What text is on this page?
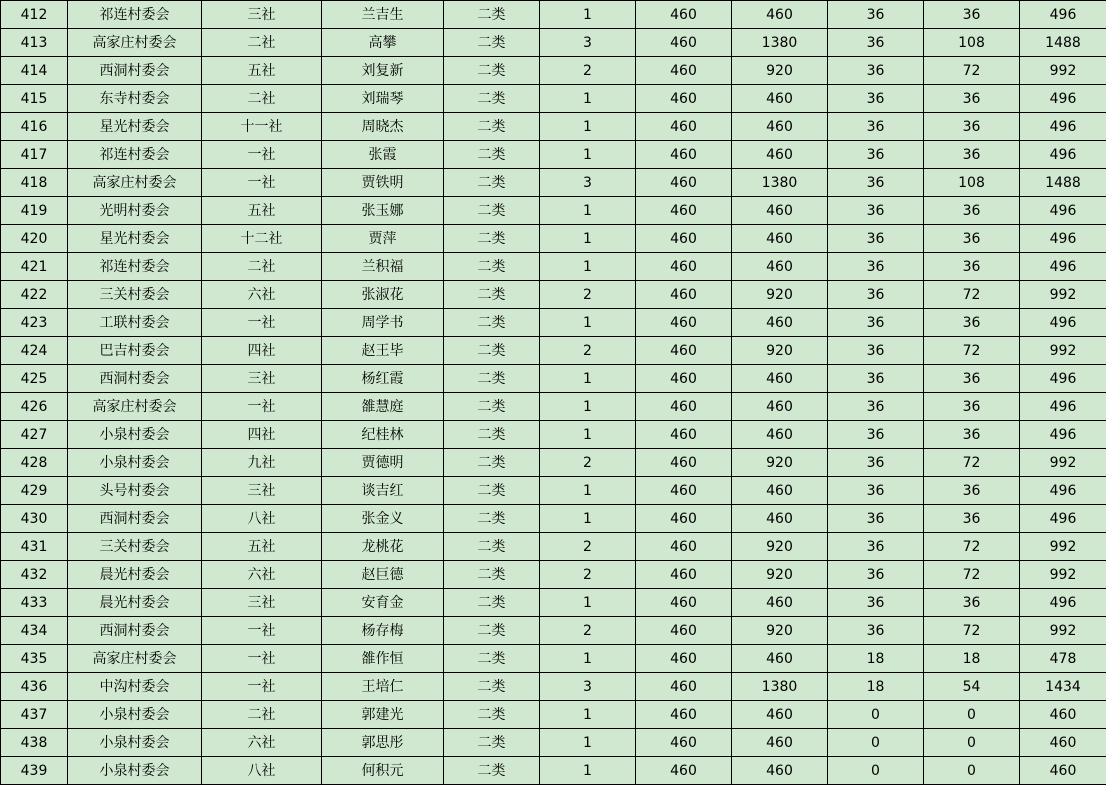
412	祁连村委会	三社	兰吉生	二类	1	460	460	36	36	496
413	高家庄村委会	二社	高攀	二类	3	460	1380	36	108	1488
414	西洞村委会	五社	刘复新	二类	2	460	920	36	72	992
415	东寺村委会	二社	刘瑞琴	二类	1	460	460	36	36	496
416	星光村委会	十一社	周晓杰	二类	1	460	460	36	36	496
417	祁连村委会	一社	张霞	二类	1	460	460	36	36	496
418	高家庄村委会	一社	贾铁明	二类	3	460	1380	36	108	1488
419	光明村委会	五社	张玉娜	二类	1	460	460	36	36	496
420	星光村委会	十二社	贾萍	二类	1	460	460	36	36	496
421	祁连村委会	二社	兰积福	二类	1	460	460	36	36	496
422	三关村委会	六社	张淑花	二类	2	460	920	36	72	992
423	工联村委会	一社	周学书	二类	1	460	460	36	36	496
424	巴吉村委会	四社	赵王毕	二类	2	460	920	36	72	992
425	西洞村委会	三社	杨红霞	二类	1	460	460	36	36	496
426	高家庄村委会	一社	雒慧庭	二类	1	460	460	36	36	496
427	小泉村委会	四社	纪桂林	二类	1	460	460	36	36	496
428	小泉村委会	九社	贾德明	二类	2	460	920	36	72	992
429	头号村委会	三社	谈吉红	二类	1	460	460	36	36	496
430	西洞村委会	八社	张金义	二类	1	460	460	36	36	496
431	三关村委会	五社	龙桃花	二类	2	460	920	36	72	992
432	晨光村委会	六社	赵巨德	二类	2	460	920	36	72	992
433	晨光村委会	三社	安育金	二类	1	460	460	36	36	496
434	西洞村委会	一社	杨存梅	二类	2	460	920	36	72	992
435	高家庄村委会	一社	雒作恒	二类	1	460	460	18	18	478
436	中沟村委会	一社	王培仁	二类	3	460	1380	18	54	1434
437	小泉村委会	二社	郭建光	二类	1	460	460	0	0	460
438	小泉村委会	六社	郭思彤	二类	1	460	460	0	0	460
439	小泉村委会	八社	何积元	二类	1	460	460	0	0	460
